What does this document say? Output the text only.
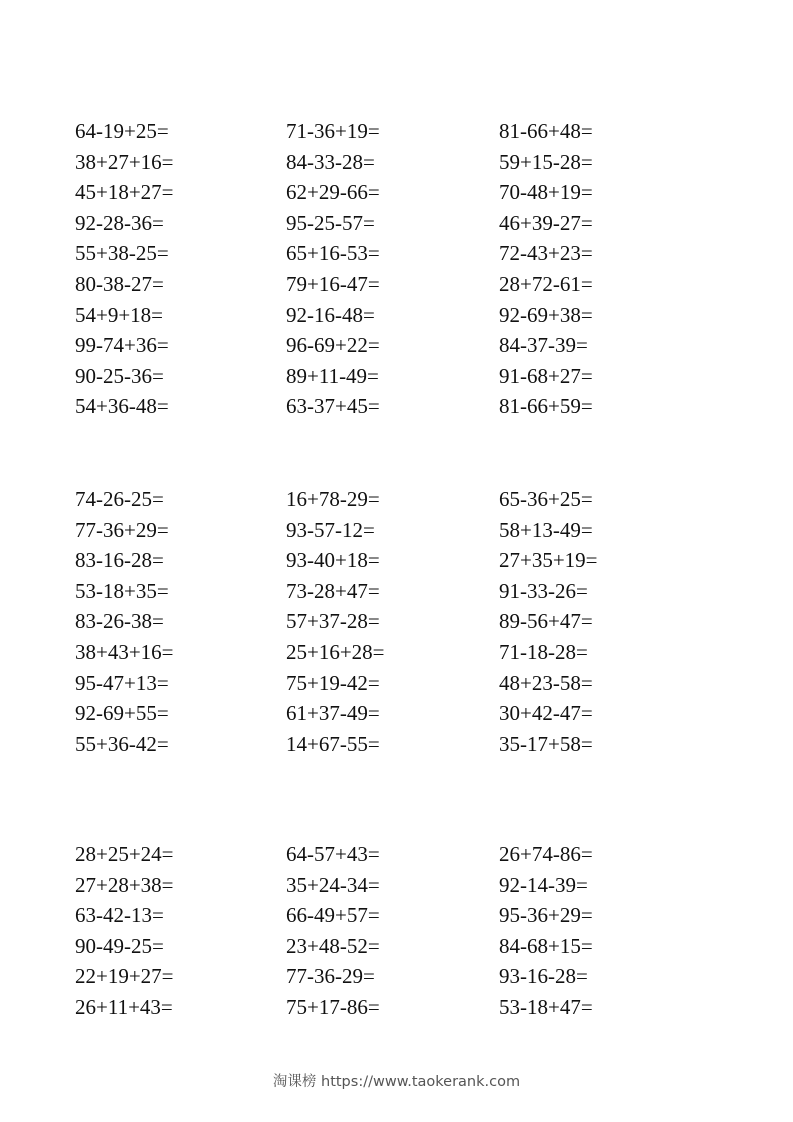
64-19+25=	71-36+19=	81-66+48=
38+27+16=	84-33-28=	59+15-28=
45+18+27=	62+29-66=	70-48+19=
92-28-36=	95-25-57=	46+39-27=
55+38-25=	65+16-53=	72-43+23=
80-38-27=	79+16-47=	28+72-61=
54+9+18=	92-16-48=	92-69+38=
99-74+36=	96-69+22=	84-37-39=
90-25-36=	89+11-49=	91-68+27=
54+36-48=	63-37+45=	81-66+59=
74-26-25=	16+78-29=	65-36+25=
77-36+29=	93-57-12=	58+13-49=
83-16-28=	93-40+18=	27+35+19=
53-18+35=	73-28+47=	91-33-26=
83-26-38=	57+37-28=	89-56+47=
38+43+16=	25+16+28=	71-18-28=
95-47+13=	75+19-42=	48+23-58=
92-69+55=	61+37-49=	30+42-47=
55+36-42=	14+67-55=	35-17+58=
28+25+24=	64-57+43=	26+74-86=
27+28+38=	35+24-34=	92-14-39=
63-42-13=	66-49+57=	95-36+29=
90-49-25=	23+48-52=	84-68+15=
22+19+27=	77-36-29=	93-16-28=
26+11+43=	75+17-86=	53-18+47=
淘课榜 https://www.taokerank.com
